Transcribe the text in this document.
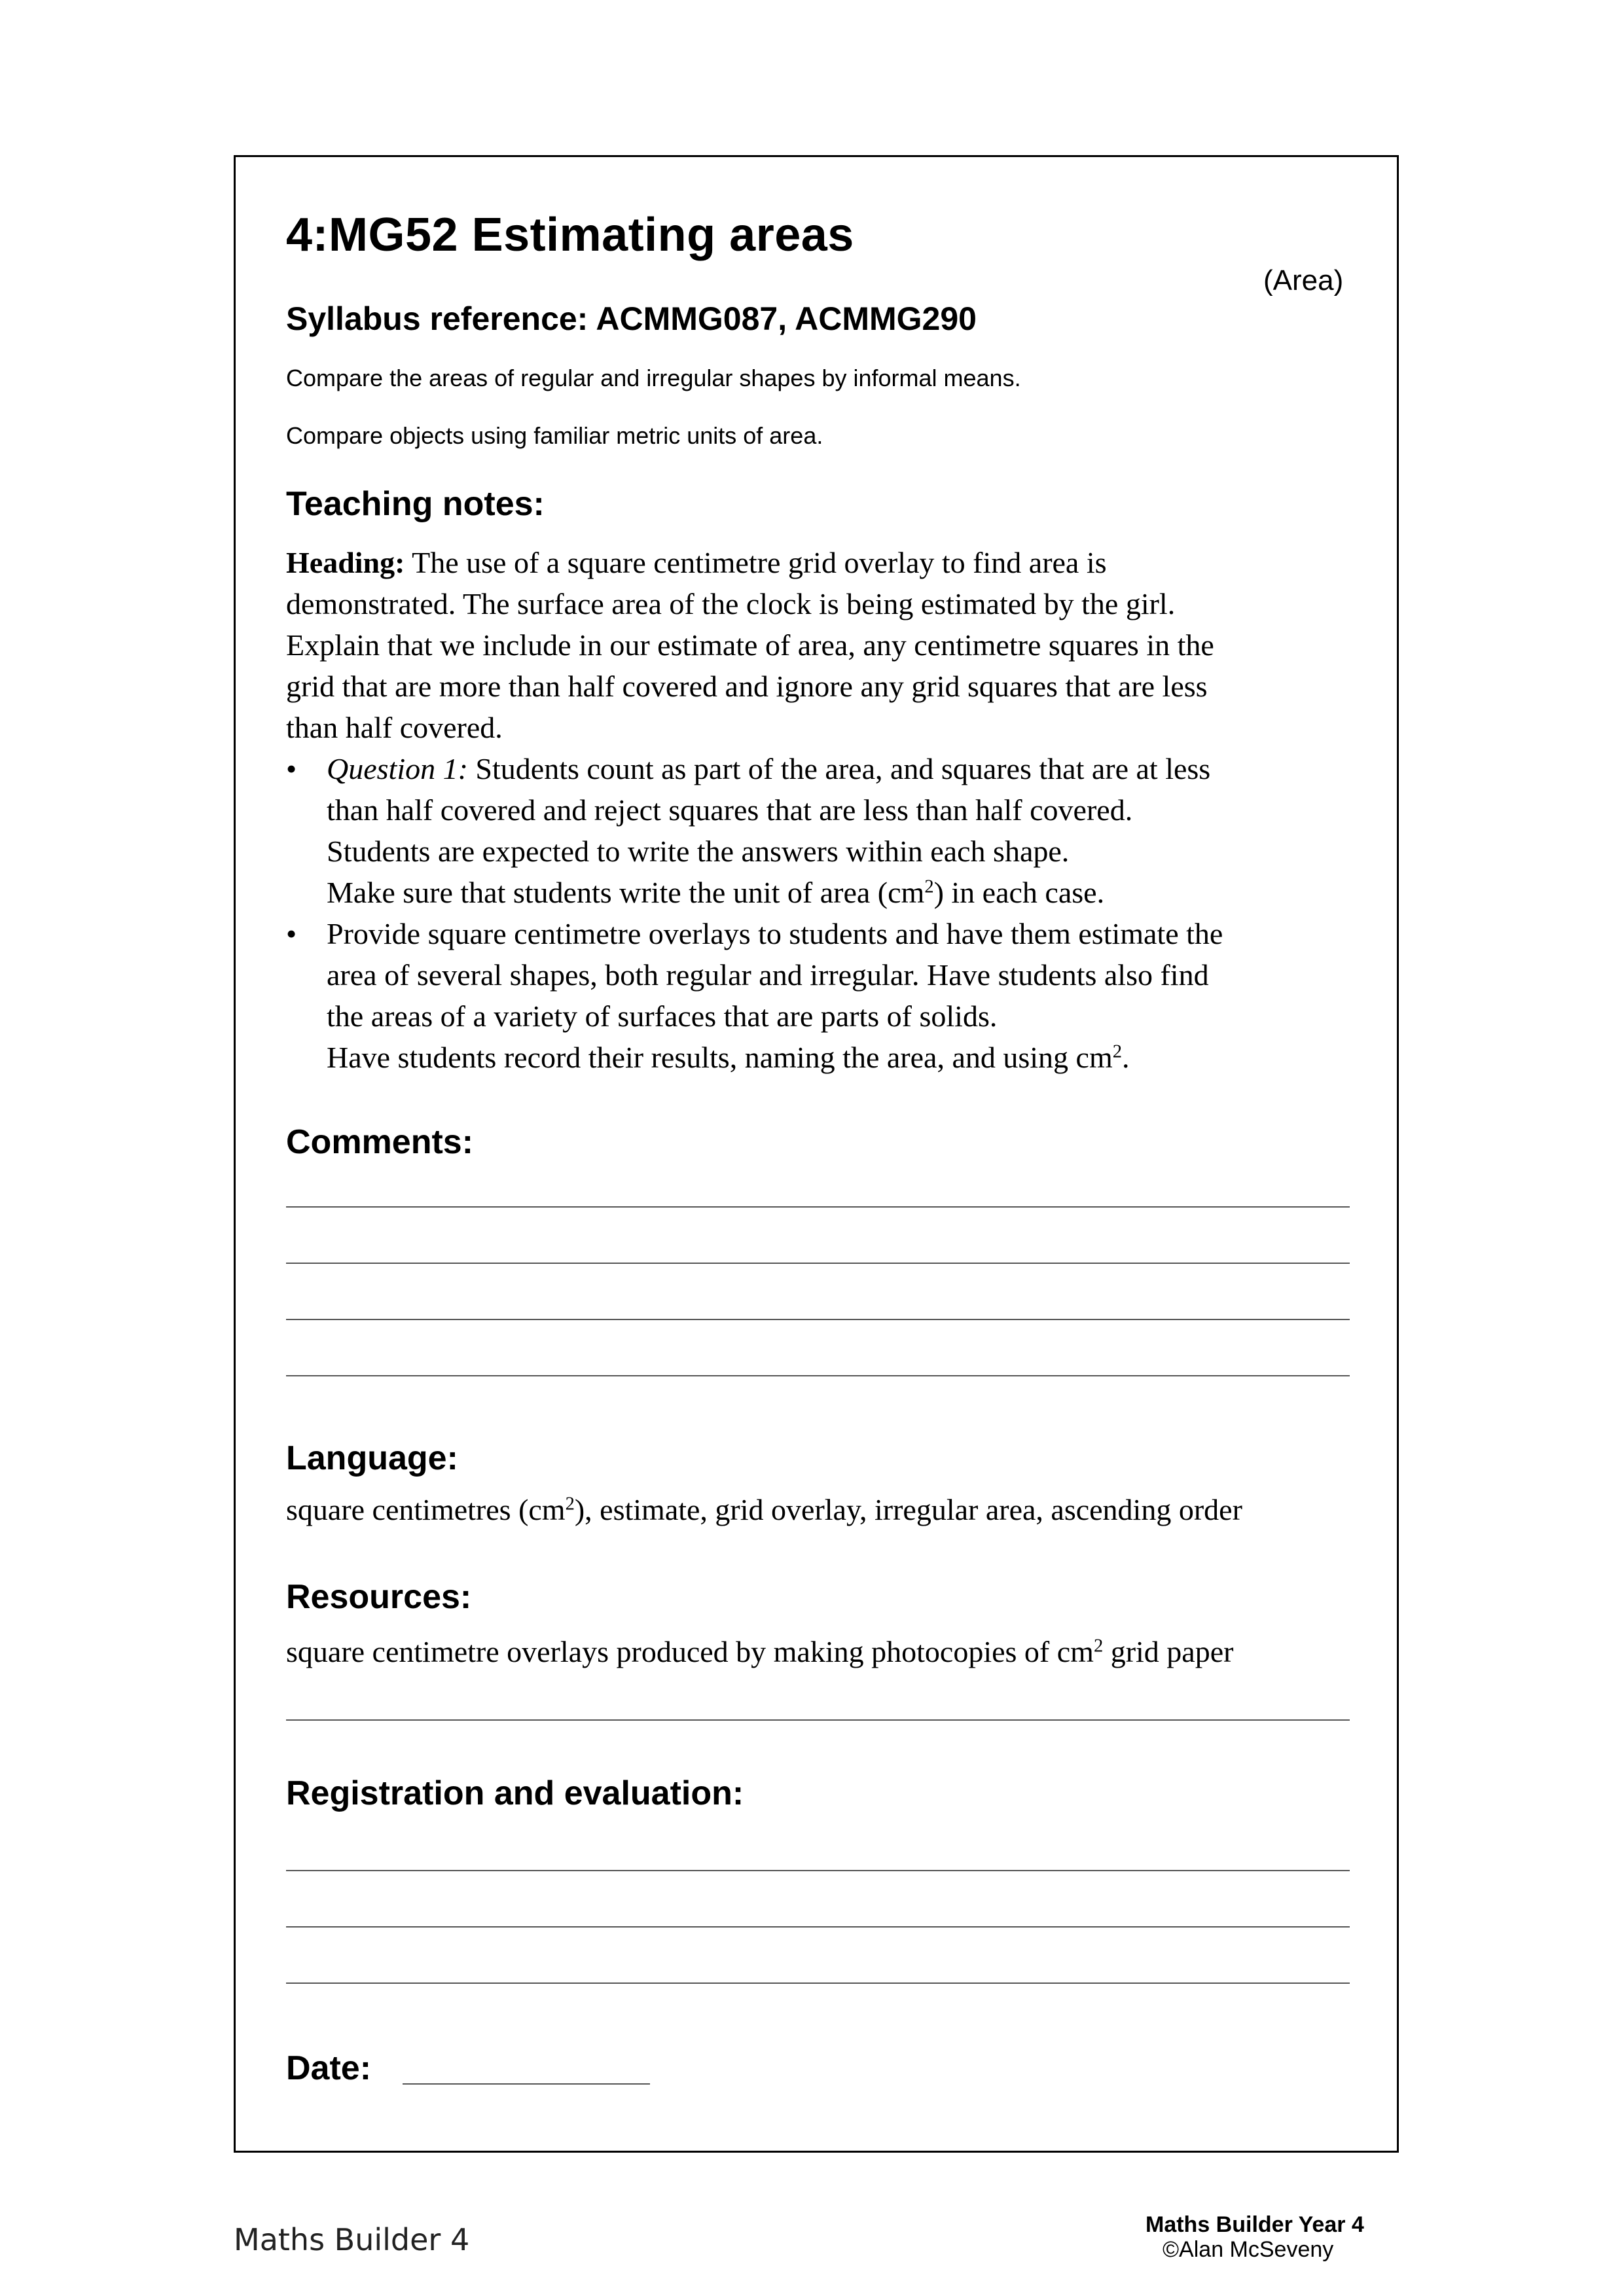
4:MG52 Estimating areas
(Area)
Syllabus reference: ACMMG087, ACMMG290
Compare the areas of regular and irregular shapes by informal means.
Compare objects using familiar metric units of area.
Teaching notes:

Heading: The use of a square centimetre grid overlay to find area is

demonstrated. The surface area of the clock is being estimated by the girl.

Explain that we include in our estimate of area, any centimetre squares in the

grid that are more than half covered and ignore any grid squares that are less

than half covered.

• Question 1: Students count as part of the area, and squares that are at less
than half covered and reject squares that are less than half covered.
Students are expected to write the answers within each shape.
Make sure that students write the unit of area $(cm^2)$ in each case.
• Provide square centimetre overlays to students and have them estimate the
area of several shapes, both regular and irregular. Have students also find
the areas of a variety of surfaces that are parts of solids.
Have students record their results, naming the area, and using $cm^2$.
Comments:
Language:
square centimetres $(cm^2)$, estimate, grid overlay, irregular area, ascending order
Resources:
square centimetre overlays produced by making photocopies of $cm^2$ grid paper
Registration and evaluation:
Date:
Maths Builder 4	Maths Builder Year 4
©Alan McSeveny
